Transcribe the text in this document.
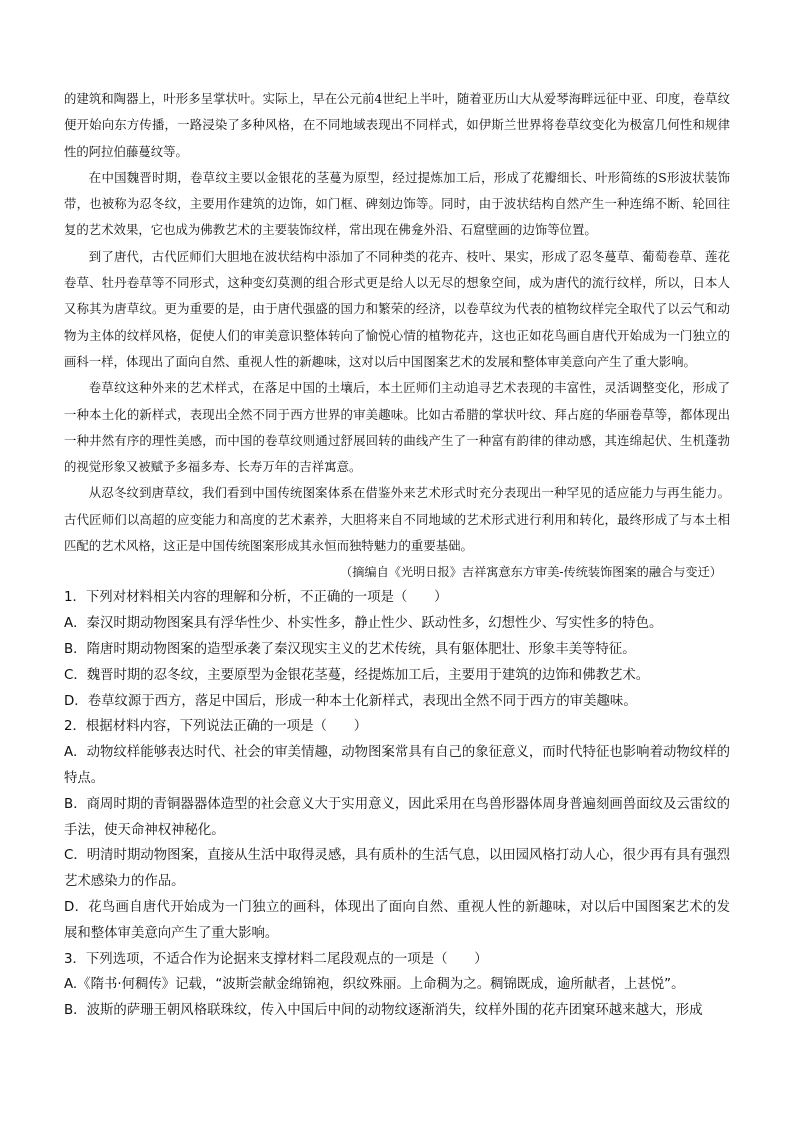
的建筑和陶器上，叶形多呈掌状叶。实际上，早在公元前4世纪上半叶，随着亚历山大从爱琴海畔远征中亚、印度，卷草纹便开始向东方传播，一路浸染了多种风格，在不同地域表现出不同样式，如伊斯兰世界将卷草纹变化为极富几何性和规律性的阿拉伯藤蔓纹等。

在中国魏晋时期，卷草纹主要以金银花的茎蔓为原型，经过提炼加工后，形成了花瓣细长、叶形简练的S形波状装饰带，也被称为忍冬纹，主要用作建筑的边饰，如门框、碑刻边饰等。同时，由于波状结构自然产生一种连绵不断、轮回往复的艺术效果，它也成为佛教艺术的主要装饰纹样，常出现在佛龛外沿、石窟壁画的边饰等位置。

到了唐代，古代匠师们大胆地在波状结构中添加了不同种类的花卉、枝叶、果实，形成了忍冬蔓草、葡萄卷草、莲花卷草、牡丹卷草等不同形式，这种变幻莫测的组合形式更是给人以无尽的想象空间，成为唐代的流行纹样，所以，日本人又称其为唐草纹。更为重要的是，由于唐代强盛的国力和繁荣的经济，以卷草纹为代表的植物纹样完全取代了以云气和动物为主体的纹样风格，促使人们的审美意识整体转向了愉悦心情的植物花卉，这也正如花鸟画自唐代开始成为一门独立的画科一样，体现出了面向自然、重视人性的新趣味，这对以后中国图案艺术的发展和整体审美意向产生了重大影响。

卷草纹这种外来的艺术样式，在落足中国的土壤后，本土匠师们主动追寻艺术表现的丰富性，灵活调整变化，形成了一种本土化的新样式，表现出全然不同于西方世界的审美趣味。比如古希腊的掌状叶纹、拜占庭的华丽卷草等，都体现出一种井然有序的理性美感，而中国的卷草纹则通过舒展回转的曲线产生了一种富有韵律的律动感，其连绵起伏、生机蓬勃的视觉形象又被赋予多福多寿、长寿万年的吉祥寓意。

从忍冬纹到唐草纹，我们看到中国传统图案体系在借鉴外来艺术形式时充分表现出一种罕见的适应能力与再生能力。古代匠师们以高超的应变能力和高度的艺术素养，大胆将来自不同地域的艺术形式进行利用和转化，最终形成了与本土相匹配的艺术风格，这正是中国传统图案形成其永恒而独特魅力的重要基础。

（摘编自《光明日报》吉祥寓意东方审美-传统装饰图案的融合与变迁）

1．下列对材料相关内容的理解和分析，不正确的一项是（　　）

A．秦汉时期动物图案具有浮华性少、朴实性多，静止性少、跃动性多，幻想性少、写实性多的特色。

B．隋唐时期动物图案的造型承袭了秦汉现实主义的艺术传统，具有躯体肥壮、形象丰美等特征。

C．魏晋时期的忍冬纹，主要原型为金银花茎蔓，经提炼加工后，主要用于建筑的边饰和佛教艺术。

D．卷草纹源于西方，落足中国后，形成一种本土化新样式，表现出全然不同于西方的审美趣味。

2．根据材料内容，下列说法正确的一项是（　　）

A．动物纹样能够表达时代、社会的审美情趣，动物图案常具有自己的象征意义，而时代特征也影响着动物纹样的特点。

B．商周时期的青铜器器体造型的社会意义大于实用意义，因此采用在鸟兽形器体周身普遍刻画兽面纹及云雷纹的手法，使天命神权神秘化。

C．明清时期动物图案，直接从生活中取得灵感，具有质朴的生活气息，以田园风格打动人心，很少再有具有强烈艺术感染力的作品。

D．花鸟画自唐代开始成为一门独立的画科，体现出了面向自然、重视人性的新趣味，对以后中国图案艺术的发展和整体审美意向产生了重大影响。

3．下列选项，不适合作为论据来支撑材料二尾段观点的一项是（　　）

A.《隋书·何稠传》记载，“波斯尝献金绵锦袍，织纹殊丽。上命稠为之。稠锦既成，逾所献者，上甚悦”。

B．波斯的萨珊王朝风格联珠纹，传入中国后中间的动物纹逐渐消失，纹样外围的花卉团窠环越来越大，形成
